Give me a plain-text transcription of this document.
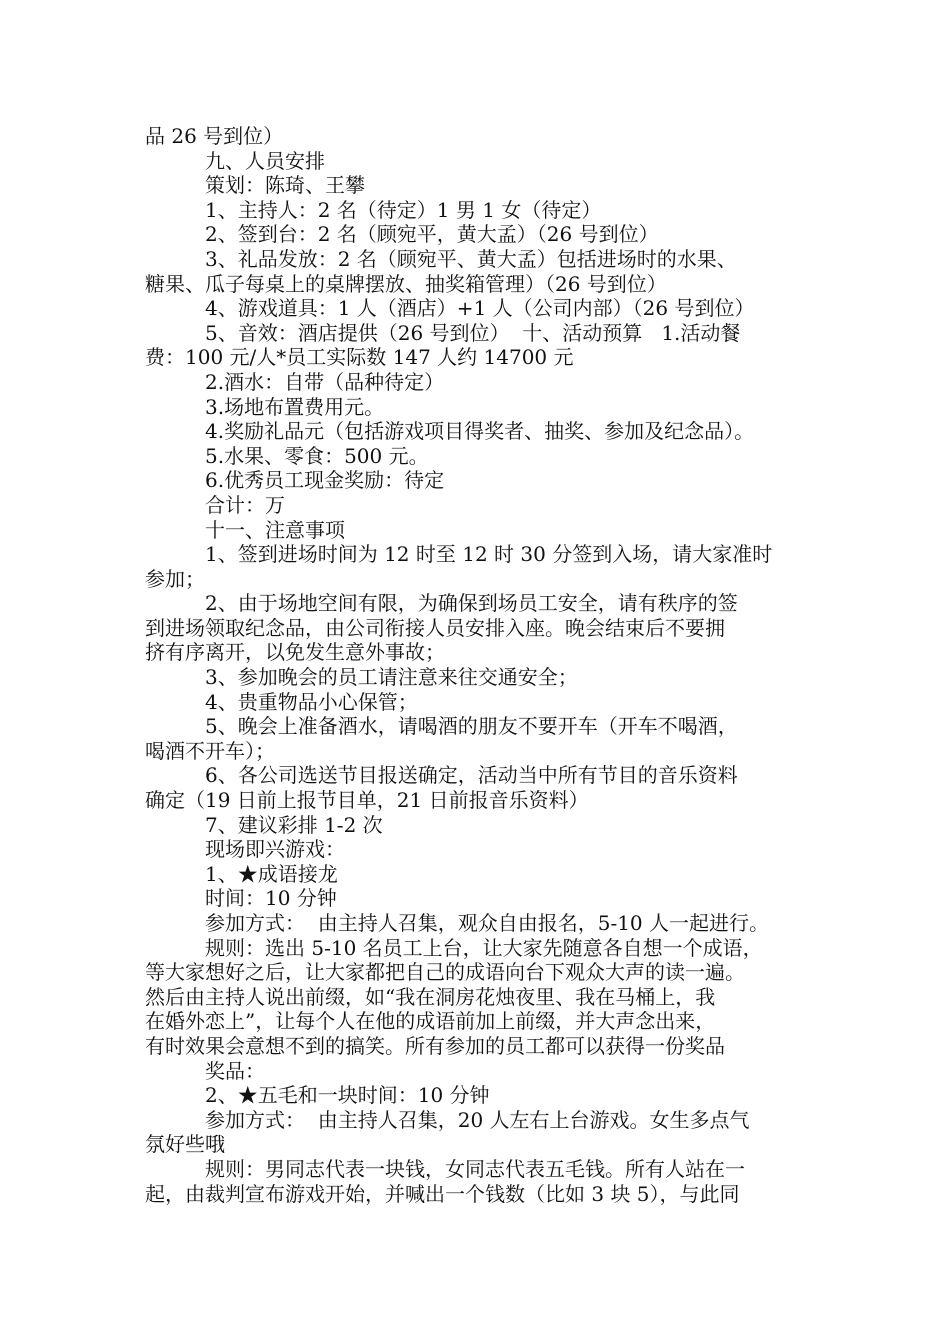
品 26 号到位）

九、人员安排

策划：陈琦、王攀

1、主持人：2 名（待定）1 男 1 女（待定）

2、签到台：2 名（顾宛平，黄大孟）（26 号到位）

3、礼品发放：2 名（顾宛平、黄大孟）包括进场时的水果、

糖果、瓜子每桌上的桌牌摆放、抽奖箱管理）（26 号到位）

4、游戏道具：1 人（酒店）+1 人（公司内部）（26 号到位）

5、音效：酒店提供（26 号到位）  十、活动预算   1.活动餐

费：100 元/人*员工实际数 147 人约 14700 元

2.酒水：自带（品种待定）

3.场地布置费用元。

4.奖励礼品元（包括游戏项目得奖者、抽奖、参加及纪念品）。

5.水果、零食：500 元。

6.优秀员工现金奖励：待定

合计：万

十一、注意事项

1、签到进场时间为 12 时至 12 时 30 分签到入场，请大家准时

参加；

2、由于场地空间有限，为确保到场员工安全，请有秩序的签

到进场领取纪念品，由公司衔接人员安排入座。晚会结束后不要拥

挤有序离开，以免发生意外事故；

3、参加晚会的员工请注意来往交通安全；

4、贵重物品小心保管；

5、晚会上准备酒水，请喝酒的朋友不要开车（开车不喝酒，

喝酒不开车）；

6、各公司选送节目报送确定，活动当中所有节目的音乐资料

确定（19 日前上报节目单，21 日前报音乐资料）

7、建议彩排 1-2 次

现场即兴游戏：

1、★成语接龙

时间：10 分钟

参加方式：  由主持人召集，观众自由报名，5-10 人一起进行。

规则：选出 5-10 名员工上台，让大家先随意各自想一个成语，

等大家想好之后，让大家都把自己的成语向台下观众大声的读一遍。

然后由主持人说出前缀，如“我在洞房花烛夜里、我在马桶上，我

在婚外恋上”，让每个人在他的成语前加上前缀，并大声念出来，

有时效果会意想不到的搞笑。所有参加的员工都可以获得一份奖品

奖品：

2、★五毛和一块时间：10 分钟

参加方式：  由主持人召集，20 人左右上台游戏。女生多点气

氛好些哦

规则：男同志代表一块钱，女同志代表五毛钱。所有人站在一

起，由裁判宣布游戏开始，并喊出一个钱数（比如 3 块 5），与此同
